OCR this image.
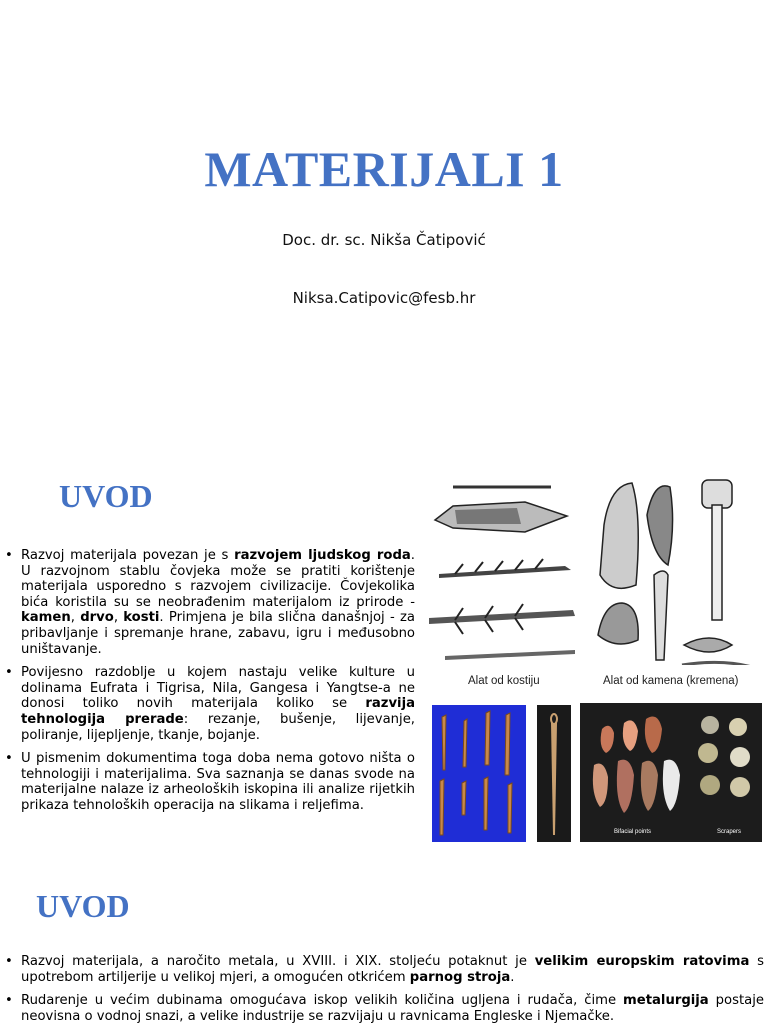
MATERIJALI 1
Doc. dr. sc. Nikša Čatipović
Niksa.Catipovic@fesb.hr
UVOD
• Razvoj materijala povezan je s razvojem ljudskog roda. U razvojnom stablu čovjeka može se pratiti korištenje materijala usporedno s razvojem civilizacije. Čovjekolika bića koristila su se neobrađenim materijalom iz prirode - kamen, drvo, kosti. Primjena je bila slična današnjoj - za pribavljanje i spremanje hrane, zabavu, igru i međusobno uništavanje.
• Povijesno razdoblje u kojem nastaju velike kulture u dolinama Eufrata i Tigrisa, Nila, Gangesa i Yangtse-a ne donosi toliko novih materijala koliko se razvija tehnologija prerade: rezanje, bušenje, lijevanje, poliranje, lijepljenje, tkanje, bojanje.
• U pismenim dokumentima toga doba nema gotovo ništa o tehnologiji i materijalima. Sva saznanja se danas svode na materijalne nalaze iz arheoloških iskopina ili analize rijetkih prikaza tehnoloških operacija na slikama i reljefima.
Alat od kostiju	Alat od kamena (kremena)
Bifacial points	Scrapers
UVOD
• Razvoj materijala, a naročito metala, u XVIII. i XIX. stoljeću potaknut je velikim europskim ratovima s upotrebom artiljerije u velikoj mjeri, a omogućen otkrićem parnog stroja.
• Rudarenje u većim dubinama omogućava iskop velikih količina ugljena i rudača, čime metalurgija postaje neovisna o vodnoj snazi, a velike industrije se razvijaju u ravnicama Engleske i Njemačke.
